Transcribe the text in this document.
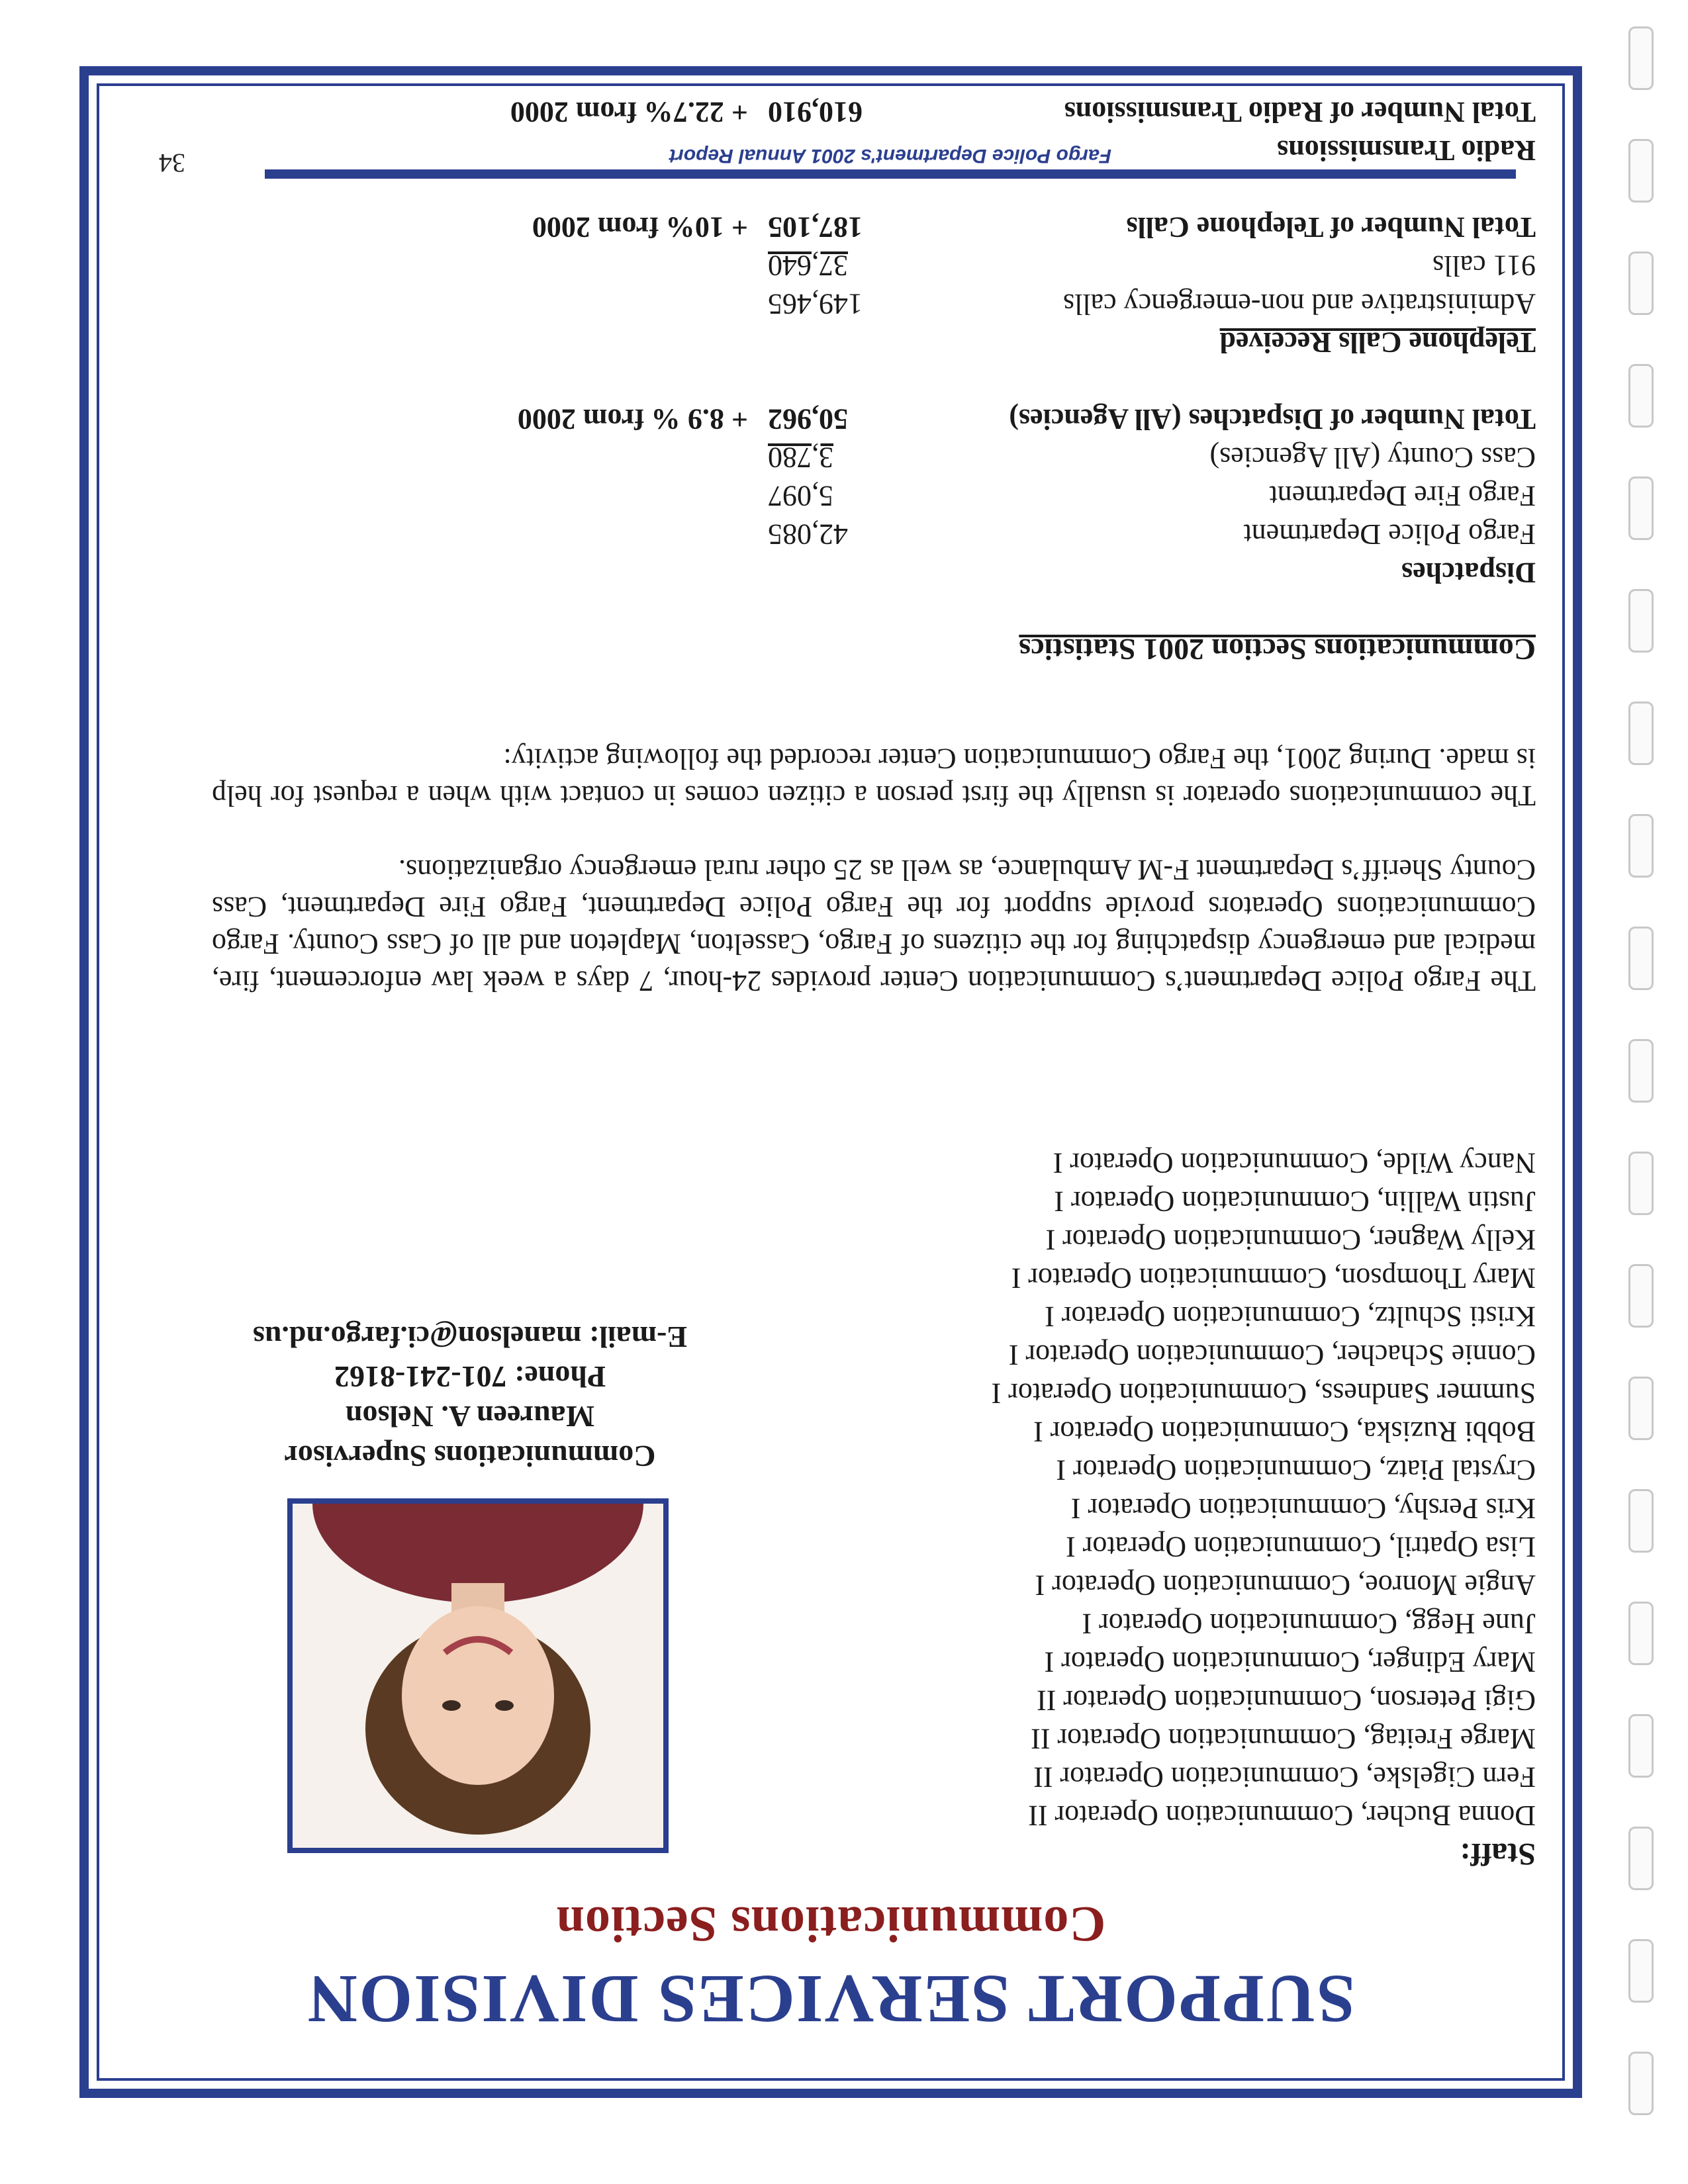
SUPPORT SERVICES DIVISION
Communications Section
Staff:
Donna Bucher, Communication Operator II
Fern Cigelske, Communication Operator II
Marge Freitag, Communication Operator II
Gigi Peterson, Communication Operator II
Mary Edinger, Communication Operator I
June Hegg, Communication Operator I
Angie Monroe, Communication Operator I
Lisa Opatril, Communication Operator I
Kris Pershy, Communication Operator I
Crystal Piatz, Communication Operator I
Bobbi Ruziska, Communication Operator I
Summer Sandness, Communication Operator I
Connie Schacher, Communication Operator I
Kristi Schultz, Communication Operator I
Mary Thompson, Communication Operator I
Kelly Wagner, Communication Operator I
Justin Wallin, Communication Operator I
Nancy Wilde, Communication Operator I
Communications Supervisor
Maureen A. Nelson
Phone: 701-241-8162
E-mail: manelson@ci.fargo.nd.us

The Fargo Police Department’s Communication Center provides 24-hour, 7 days a week law enforcement, fire, medical and emergency dispatching for the citizens of Fargo, Casselton, Mapleton and all of Cass County. Fargo Communications Operators provide support for the Fargo Police Department, Fargo Fire Department, Cass County Sheriff’s Department F-M Ambulance, as well as 25 other rural emergency organizations.

The communications operator is usually the first person a citizen comes in contact with when a request for help is made. During 2001, the Fargo Communication Center recorded the following activity:

Communications Section 2001 Statistics
Dispatches
Fargo Police Department
42,085
Fargo Fire Department
5,097
Cass County (All Agencies)
3,780
Total Number of Dispatches (All Agencies)
50,962
+ 8.9 % from 2000
Telephone Calls Received
Administrative and non-emergency calls
149,465
911 calls
37,640
Total Number of Telephone Calls
187,105
+ 10% from 2000
Radio Transmissions
Total Number of Radio Transmissions
610,910
+ 22.7% from 2000
Fargo Police Department's 2001 Annual Report
34
